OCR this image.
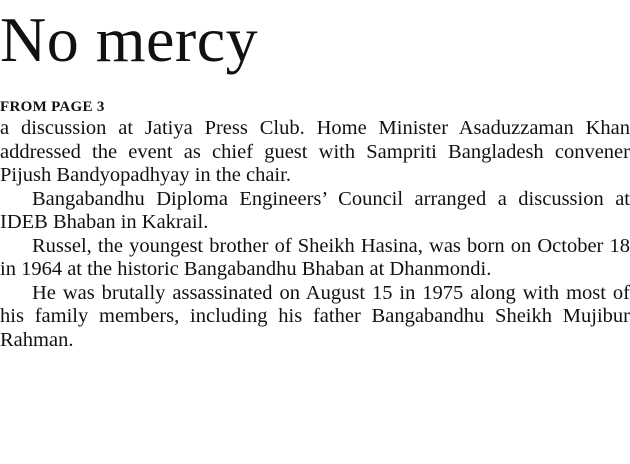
No mercy
FROM PAGE 3

a discussion at Jatiya Press Club. Home Minister Asaduzzaman Khan addressed the event as chief guest with Sampriti Bangladesh convener Pijush Bandyopadhyay in the chair.

Bangabandhu Diploma Engineers’ Council arranged a discussion at IDEB Bhaban in Kakrail.

Russel, the youngest brother of Sheikh Hasina, was born on October 18 in 1964 at the historic Bangabandhu Bhaban at Dhanmondi.

He was brutally assassinated on August 15 in 1975 along with most of his family members, including his father Bangabandhu Sheikh Mujibur Rahman.
